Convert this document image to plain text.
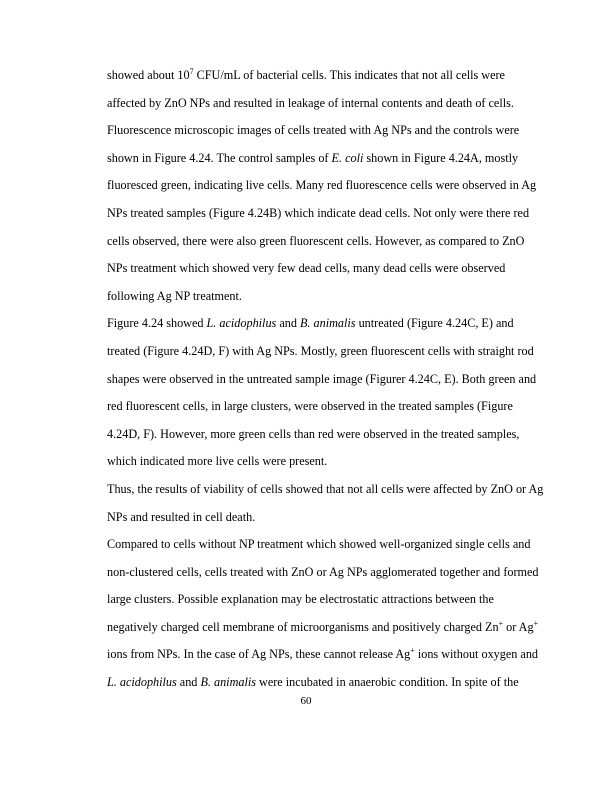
showed about $10^7$ CFU/mL of bacterial cells. This indicates that not all cells were
affected by ZnO NPs and resulted in leakage of internal contents and death of cells.
Fluorescence microscopic images of cells treated with Ag NPs and the controls were
shown in Figure 4.24. The control samples of E. coli shown in Figure 4.24A, mostly
fluoresced green, indicating live cells. Many red fluorescence cells were observed in Ag
NPs treated samples (Figure 4.24B) which indicate dead cells. Not only were there red
cells observed, there were also green fluorescent cells. However, as compared to ZnO
NPs treatment which showed very few dead cells, many dead cells were observed
following Ag NP treatment.
Figure 4.24 showed L. acidophilus and B. animalis untreated (Figure 4.24C, E) and
treated (Figure 4.24D, F) with Ag NPs. Mostly, green fluorescent cells with straight rod
shapes were observed in the untreated sample image (Figurer 4.24C, E). Both green and
red fluorescent cells, in large clusters, were observed in the treated samples (Figure
4.24D, F). However, more green cells than red were observed in the treated samples,
which indicated more live cells were present.
Thus, the results of viability of cells showed that not all cells were affected by ZnO or Ag
NPs and resulted in cell death.
Compared to cells without NP treatment which showed well-organized single cells and
non-clustered cells, cells treated with ZnO or Ag NPs agglomerated together and formed
large clusters. Possible explanation may be electrostatic attractions between the
negatively charged cell membrane of microorganisms and positively charged Zn+ or Ag+
ions from NPs. In the case of Ag NPs, these cannot release Ag+ ions without oxygen and
L. acidophilus and B. animalis were incubated in anaerobic condition. In spite of the
60
